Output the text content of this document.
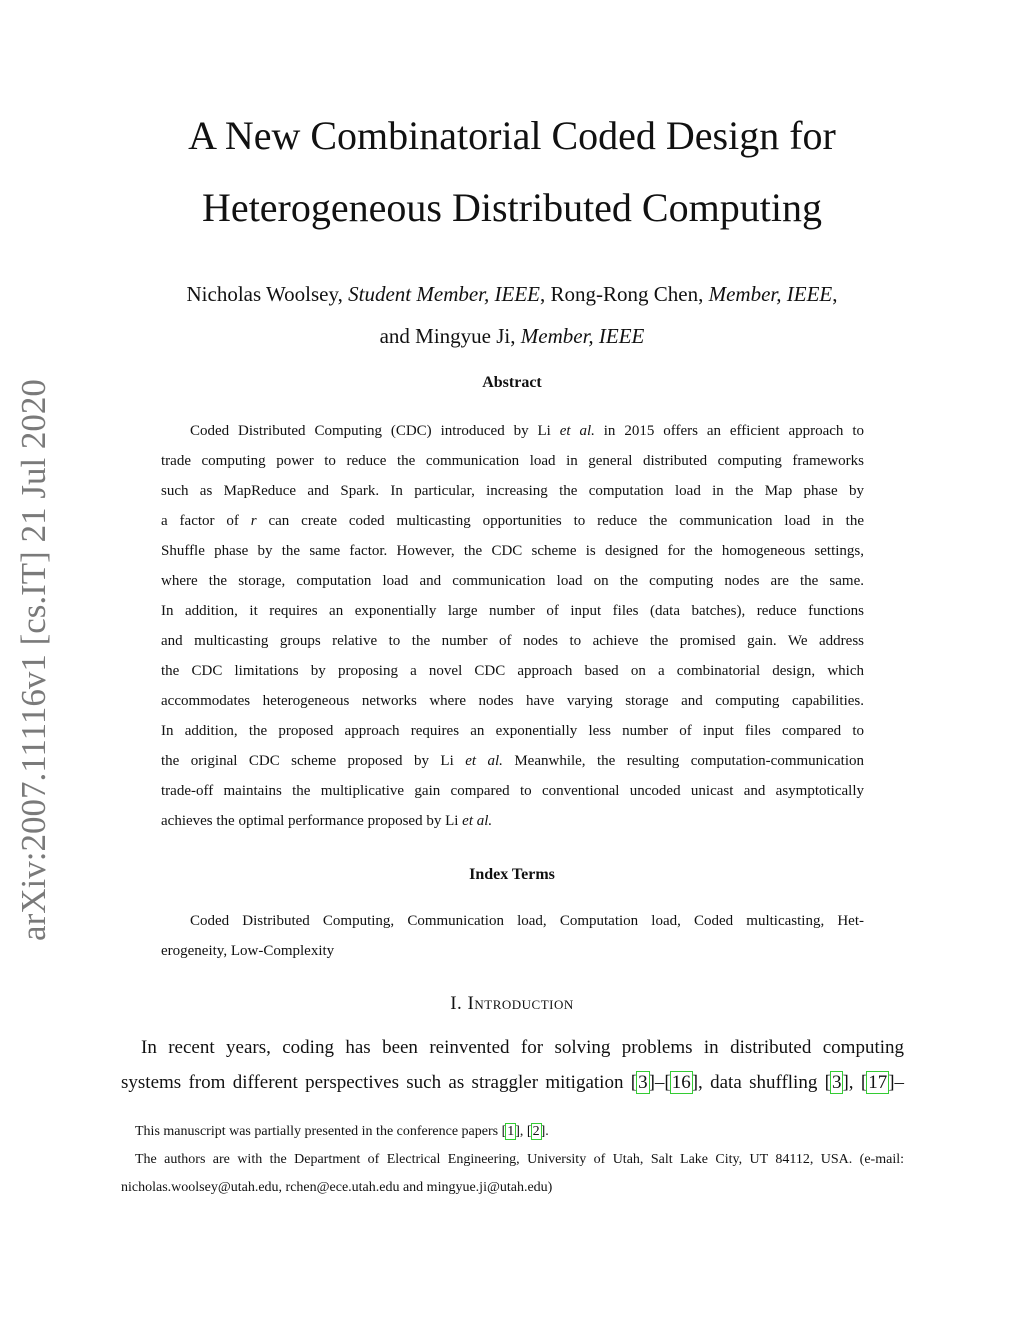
arXiv:2007.11116v1 [cs.IT] 21 Jul 2020
A New Combinatorial Coded Design for
Heterogeneous Distributed Computing
Nicholas Woolsey, Student Member, IEEE, Rong-Rong Chen, Member, IEEE,
and Mingyue Ji, Member, IEEE
Abstract
Coded Distributed Computing (CDC) introduced by Li et al. in 2015 offers an efficient approach to
trade computing power to reduce the communication load in general distributed computing frameworks
such as MapReduce and Spark. In particular, increasing the computation load in the Map phase by
a factor of r can create coded multicasting opportunities to reduce the communication load in the
Shuffle phase by the same factor. However, the CDC scheme is designed for the homogeneous settings,
where the storage, computation load and communication load on the computing nodes are the same.
In addition, it requires an exponentially large number of input files (data batches), reduce functions
and multicasting groups relative to the number of nodes to achieve the promised gain. We address
the CDC limitations by proposing a novel CDC approach based on a combinatorial design, which
accommodates heterogeneous networks where nodes have varying storage and computing capabilities.
In addition, the proposed approach requires an exponentially less number of input files compared to
the original CDC scheme proposed by Li et al. Meanwhile, the resulting computation-communication
trade-off maintains the multiplicative gain compared to conventional uncoded unicast and asymptotically
achieves the optimal performance proposed by Li et al.
Index Terms
Coded Distributed Computing, Communication load, Computation load, Coded multicasting, Het-
erogeneity, Low-Complexity
I. Introduction
In recent years, coding has been reinvented for solving problems in distributed computing
systems from different perspectives such as straggler mitigation [3]–[16], data shuffling [3], [17]–
This manuscript was partially presented in the conference papers [1], [2].
The authors are with the Department of Electrical Engineering, University of Utah, Salt Lake City, UT 84112, USA. (e-mail:
nicholas.woolsey@utah.edu, rchen@ece.utah.edu and mingyue.ji@utah.edu)
